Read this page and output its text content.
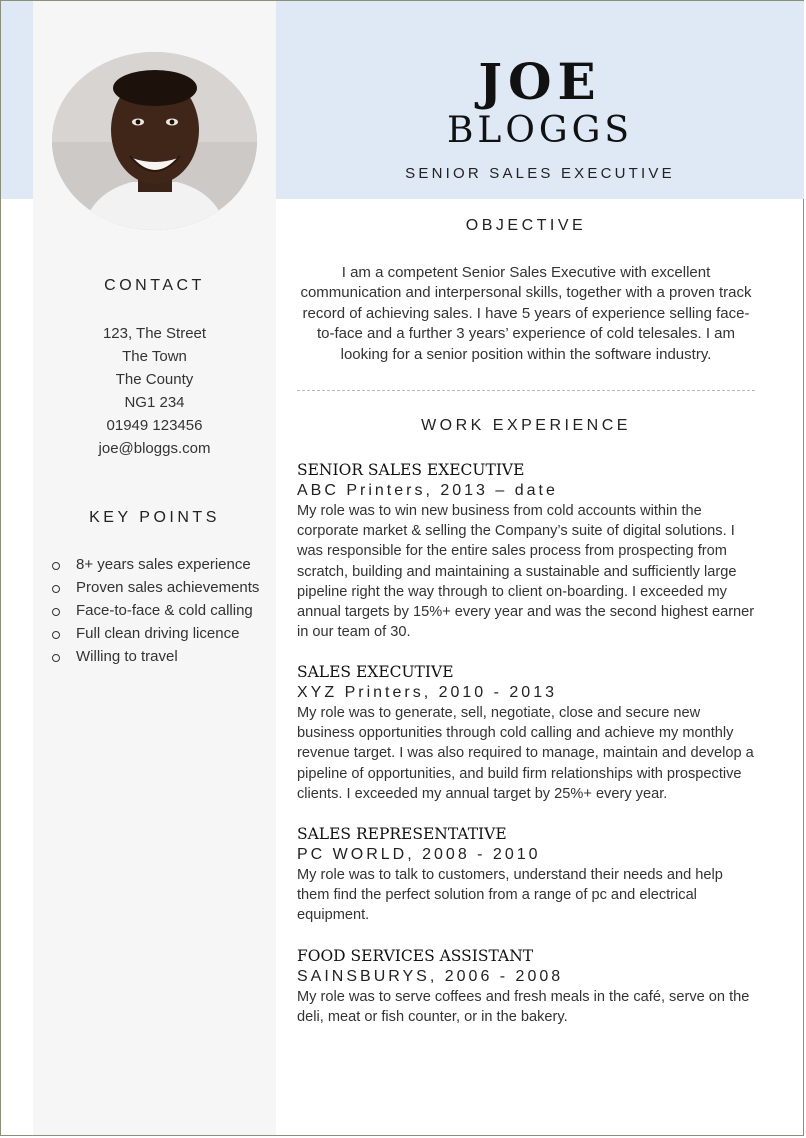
CONTACT
123, The Street
The Town
The County
NG1 234
01949 123456
joe@bloggs.com
KEY POINTS
8+ years sales experience
Proven sales achievements
Face-to-face & cold calling
Full clean driving licence
Willing to travel
JOE
BLOGGS
SENIOR SALES EXECUTIVE
OBJECTIVE
I am a competent Senior Sales Executive with excellent communication and interpersonal skills, together with a proven track record of achieving sales. I have 5 years of experience selling face-to-face and a further 3 years’ experience of cold telesales. I am looking for a senior position within the software industry.
WORK EXPERIENCE
SENIOR SALES EXECUTIVE
ABC Printers, 2013 – date
My role was to win new business from cold accounts within the corporate market & selling the Company’s suite of digital solutions. I was responsible for the entire sales process from prospecting from scratch, building and maintaining a sustainable and sufficiently large pipeline right the way through to client on-boarding. I exceeded my annual targets by 15%+ every year and was the second highest earner in our team of 30.
SALES EXECUTIVE
XYZ Printers, 2010 - 2013
My role was to generate, sell, negotiate, close and secure new business opportunities through cold calling and achieve my monthly revenue target. I was also required to manage, maintain and develop a pipeline of opportunities, and build firm relationships with prospective clients. I exceeded my annual target by 25%+ every year.
SALES REPRESENTATIVE
PC WORLD, 2008 - 2010
My role was to talk to customers, understand their needs and help them find the perfect solution from a range of pc and electrical equipment.
FOOD SERVICES ASSISTANT
SAINSBURYS, 2006 - 2008
My role was to serve coffees and fresh meals in the café, serve on the deli, meat or fish counter, or in the bakery.
